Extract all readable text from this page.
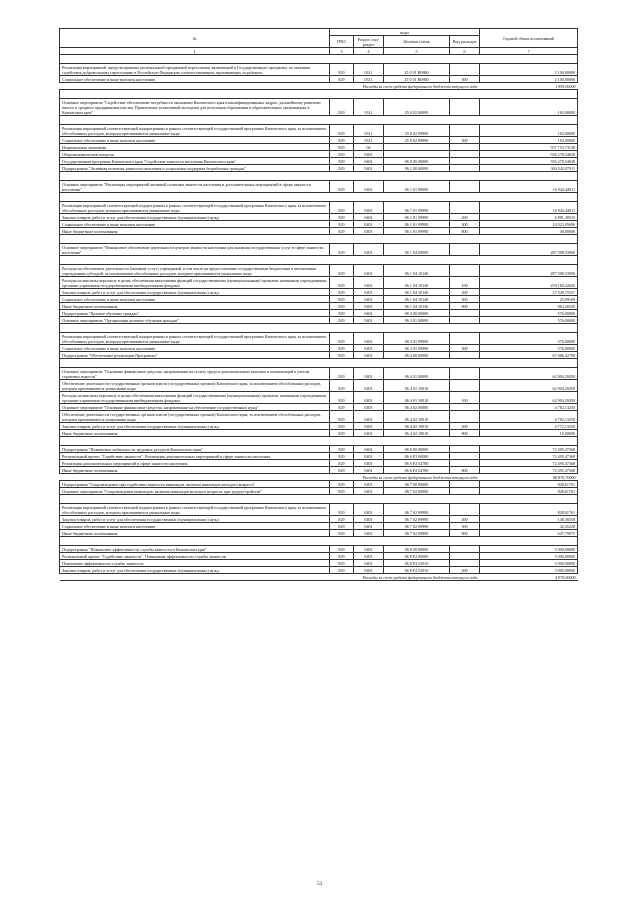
№	коды				Годовой объем ассигнований
	ГРБС	Раздел, под-раздел	Целевая статья	Вид расходов	
1	3	4	5	6	7

Реализация мероприятий, предусмотренных региональной программой переселения, включенной в Государственную программу по оказанию содействия добровольному переселению в Российскую Федерацию соотечественников, проживающих за рубежом	829	0311	25 0 01 R0860		2 100,00000
Социальное обеспечение и иные выплаты населению	829	0311	25 0 01 R0860	300	2 100,00000
Расходы за счет средств федерального бюджета текущего года					1 995,00000

Основное мероприятие "Содействие обеспечению потребности экономики Камчатского края в квалифицированных кадрах, дальнейшему развитию малого и среднего предпринимательства. Привлечение талантливой молодежи для получения образования в образовательных организациях в Камчатском крае"	829	0311	25 0 02 00000		163,00000

Реализация мероприятий соответствующей подпрограммы в рамках соответствующей государственной программы Камчатского края, за исключением обособленных расходов, которым присваиваются уникальные коды	829	0311	25 0 02 09990		163,00000
Социальное обеспечение и иные выплаты населению	829	0311	25 0 02 09990	300	163,00000
Национальная экономика	829	04			557 753,73138
Общеэкономические вопросы	829	0401			556 278,54638
Государственная программа Камчатского края "Содействие занятости населения Камчатского края"	829	0401	06 0 00 00000		556 278,54638
Подпрограмма "Активная политика занятости населения и социальная поддержка безработных граждан"	829	0401	06 1 00 00000		304 542,97911

Основное мероприятие "Реализация мероприятий активной политики занятости населения и дополнительных мероприятий в сфере занятости населения"	829	0401	06 1 01 00000		16 944,44011

Реализация мероприятий соответствующей подпрограммы в рамках соответствующей государственной программы Камчатского края, за исключением обособленных расходов, которым присваиваются уникальные коды	829	0401	06 1 01 09990		16 944,44011
Закупка товаров, работ и услуг для обеспечения государственных (муниципальных) нужд	829	0401	06 1 01 09990	200	6 881,38315
Социальное обеспечение и иные выплаты населению	829	0401	06 1 01 09990	300	10 023,05696
Иные бюджетные ассигнования	829	0401	06 1 01 09990	800	40,00000

Основное мероприятие "Финансовое обеспечение деятельности центров занятости населения для оказания государственных услуг в сфере занятости населения"	829	0401	06 1 04 00000		287 598,53900

Расходы на обеспечение деятельности (оказание услуг) учреждений, в том числе на предоставление государственным бюджетным и автономным учреждениям субсидий, за исключением обособленных расходов, которым присваиваются уникальные коды	829	0401	06 1 04 10140		287 598,53900
Расходы на выплаты персоналу в целях обеспечения выполнения функций государственными (муниципальными) органами, казенными учреждениями, органами управления государственными внебюджетными фондами	829	0401	06 1 04 10140	100	259 160,42645
Закупка товаров, работ и услуг для обеспечения государственных (муниципальных) нужд	829	0401	06 1 04 10140	200	27 549,75557
Социальное обеспечение и иные выплаты населению	829	0401	06 1 04 10140	300	25,09169
Иные бюджетные ассигнования	829	0401	06 1 04 10140	800	864,26529
Подпрограмма "Целевое обучение граждан"	829	0401	06 3 00 00000		576,00000
Основное мероприятие "Организация целевого обучения граждан"	829	0401	06 3 01 00000		576,00000

Реализация мероприятий соответствующей подпрограммы в рамках соответствующей государственной программы Камчатского края, за исключением обособленных расходов, которым присваиваются уникальные коды	829	0401	06 3 01 09990		576,00000
Социальное обеспечение и иные выплаты населению	829	0401	06 3 01 09990	300	576,00000
Подпрограмма "Обеспечение реализации Программы"	829	0401	06 4 00 00000		67 686,42700

Основное мероприятие "Основные финансовые средства, направленные на оплату труда и дополнительные выплаты и компенсаций в учетом страховых взносов"	829	0401	06 4 01 00000		62 904,29450
Обеспечение деятельности государственных органов власти (государственных органов) Камчатского края, за исключением обособленных расходов, которым присваиваются уникальные коды	829	0401	06 4 01 10010		62 904,29450
Расходы на выплаты персоналу в целях обеспечения выполнения функций государственными (муниципальными) органами, казенными учреждениями, органами управления государственными внебюджетными фондами	829	0401	06 4 01 10010	100	62 904,29450
Основное мероприятие "Основные финансовые средства, направленные на обеспечение государственных нужд"	829	0401	06 4 02 00000		4 782,13250
Обеспечение деятельности государственных органов власти (государственных органов) Камчатского края, за исключением обособленных расходов, которым присваиваются уникальные коды	829	0401	06 4 02 10010		4 782,13250
Закупка товаров, работ и услуг для обеспечения государственных (муниципальных) нужд	829	0401	06 4 02 10010	200	4 772,13250
Иные бюджетные ассигнования	829	0401	06 4 02 10010	800	10,00000

Подпрограмма "Повышение мобильности трудовых ресурсов Камчатского края"	829	0401	06 6 00 00000		72 495,47368
Региональный проект "Содействие занятости". Реализация дополнительных мероприятий в сфере занятости населения	829	0401	06 6 P2 00000		72 495,47368
Реализация дополнительных мероприятий в сфере занятости населения	829	0401	06 6 P2 54780		72 495,47368
Иные бюджетные ассигнования	829	0401	06 6 P2 54780	800	72 495,47368
Расходы за счет средств федерального бюджета текущего года					68 870,70000
Подпрограмма "Сопровождение при содействии занятости инвалидов, включая инвалидов молодого возраста"	829	0401	06 7 00 00000		828,61761
Основное мероприятие "Сопровождение инвалидов, включая инвалидов молодого возраста, при трудоустройстве"	829	0401	06 7 02 00000		828,61761

Реализация мероприятий соответствующей подпрограммы в рамках соответствующей государственной программы Камчатского края, за исключением обособленных расходов, которым присваиваются уникальные коды	829	0401	06 7 02 09990		828,61761
Закупка товаров, работ и услуг для обеспечения государственных (муниципальных) нужд	829	0401	06 7 02 09990	200	148,36558
Социальное обеспечение и иные выплаты населению	829	0401	06 7 02 09990	300	32,45228
Иные бюджетные ассигнования	829	0401	06 7 02 09990	800	647,79975

Подпрограмма "Повышение эффективности службы занятости в Камчатском крае"	829	0401	06 8 00 00000		5 000,00000
Региональный проект "Содействие занятости". Повышение эффективности службы занятости	829	0401	06 8 P2 00000		5 000,00000
Повышение эффективности службы занятости	829	0401	06 8 P2 52910		5 000,00000
Закупка товаров, работ и услуг для обеспечения государственных (муниципальных) нужд	829	0401	06 8 P2 52910	200	5 000,00000
Расходы за счет средств федерального бюджета текущего года					4 970,00000
53
